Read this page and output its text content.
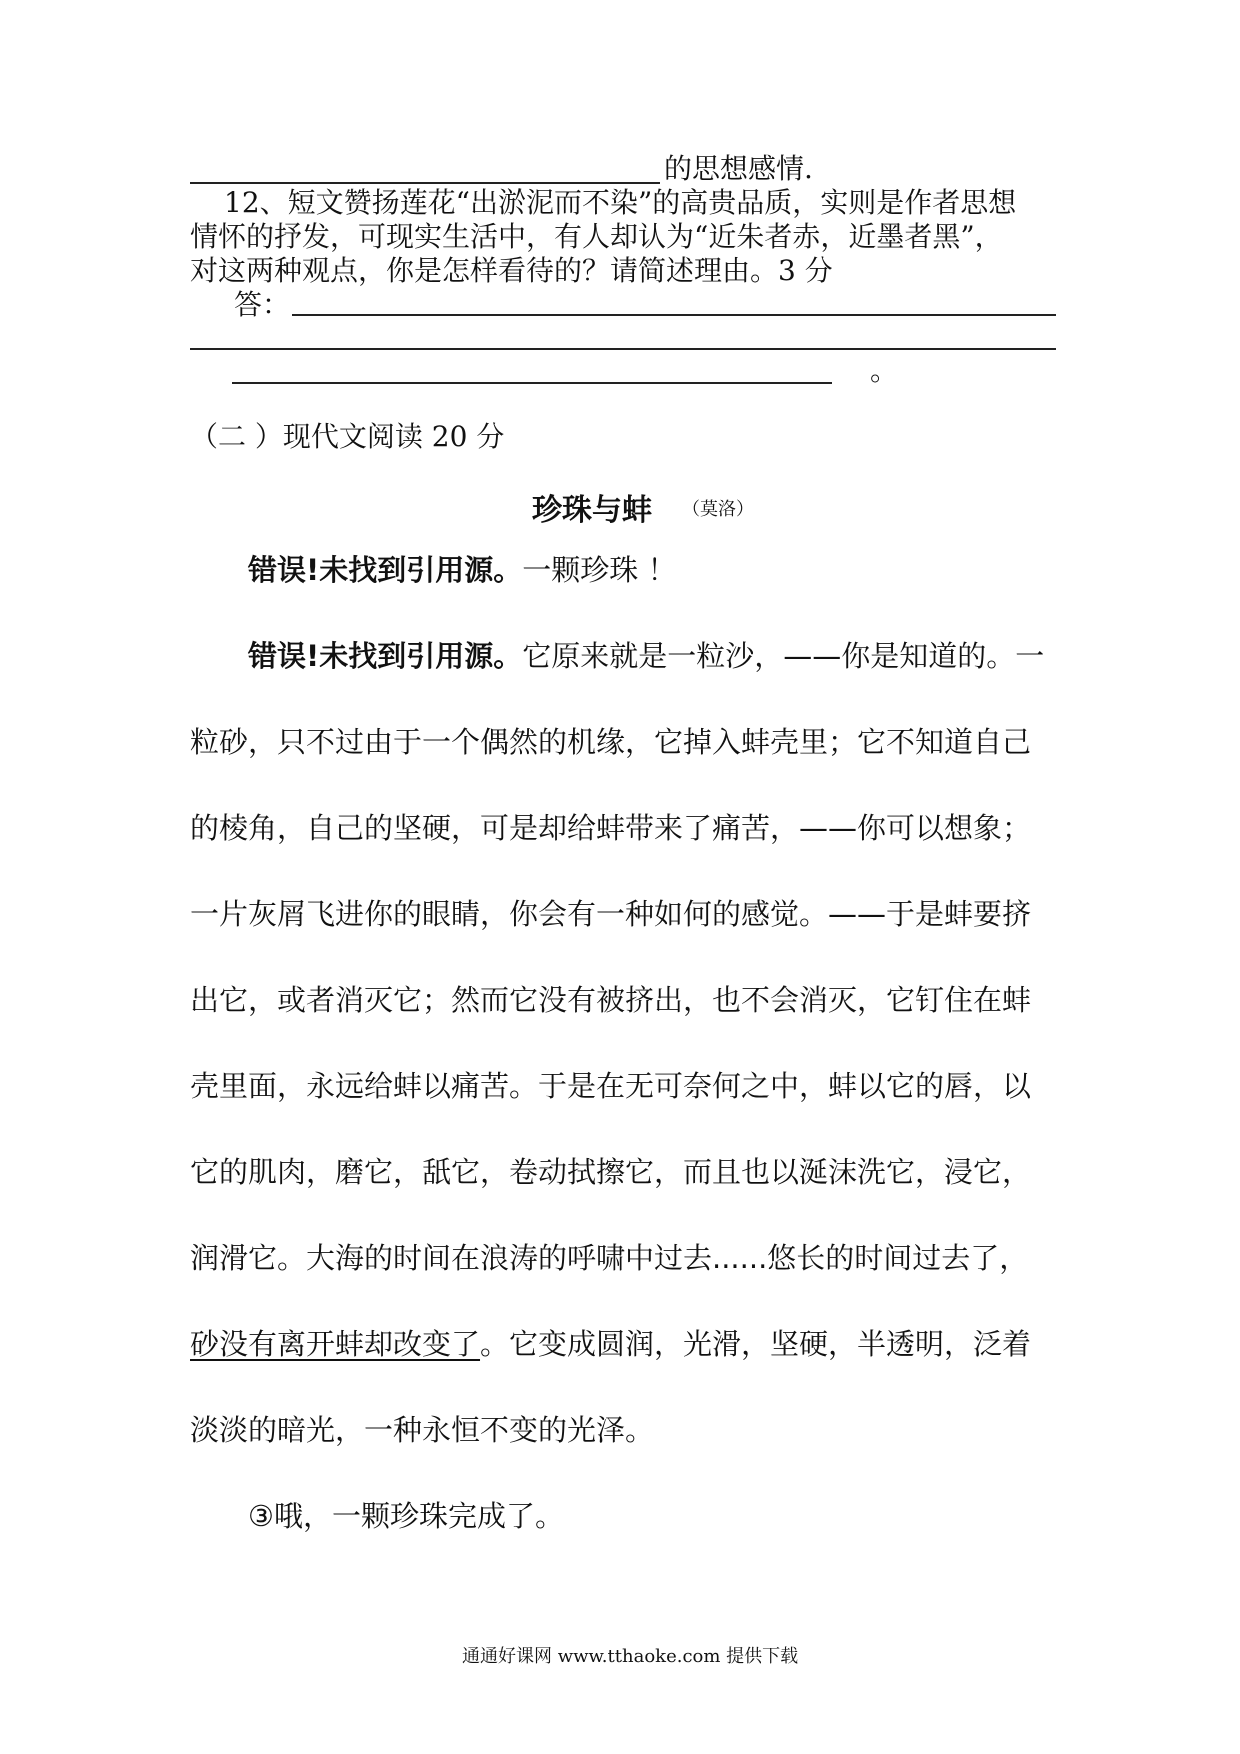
的思想感情.
12、短文赞扬莲花“出淤泥而不染”的高贵品质，实则是作者思想
情怀的抒发，可现实生活中，有人却认为“近朱者赤，近墨者黑”，
对这两种观点，你是怎样看待的？请简述理由。3 分
答：
。
（二 ）现代文阅读 20 分
珍珠与蚌 （莫洛）
错误!未找到引用源。一颗珍珠 ！
错误!未找到引用源。它原来就是一粒沙，——你是知道的。一
粒砂，只不过由于一个偶然的机缘，它掉入蚌壳里；它不知道自己
的棱角，自己的坚硬，可是却给蚌带来了痛苦，——你可以想象；
一片灰屑飞进你的眼睛，你会有一种如何的感觉。——于是蚌要挤
出它，或者消灭它；然而它没有被挤出，也不会消灭，它钉住在蚌
壳里面，永远给蚌以痛苦。于是在无可奈何之中，蚌以它的唇，以
它的肌肉，磨它，舐它，卷动拭擦它，而且也以涎沫洗它，浸它，
润滑它。大海的时间在浪涛的呼啸中过去......悠长的时间过去了，
砂没有离开蚌却改变了。它变成圆润，光滑，坚硬，半透明，泛着
淡淡的暗光，一种永恒不变的光泽。
③哦，一颗珍珠完成了。
通通好课网 www.tthaoke.com 提供下载
